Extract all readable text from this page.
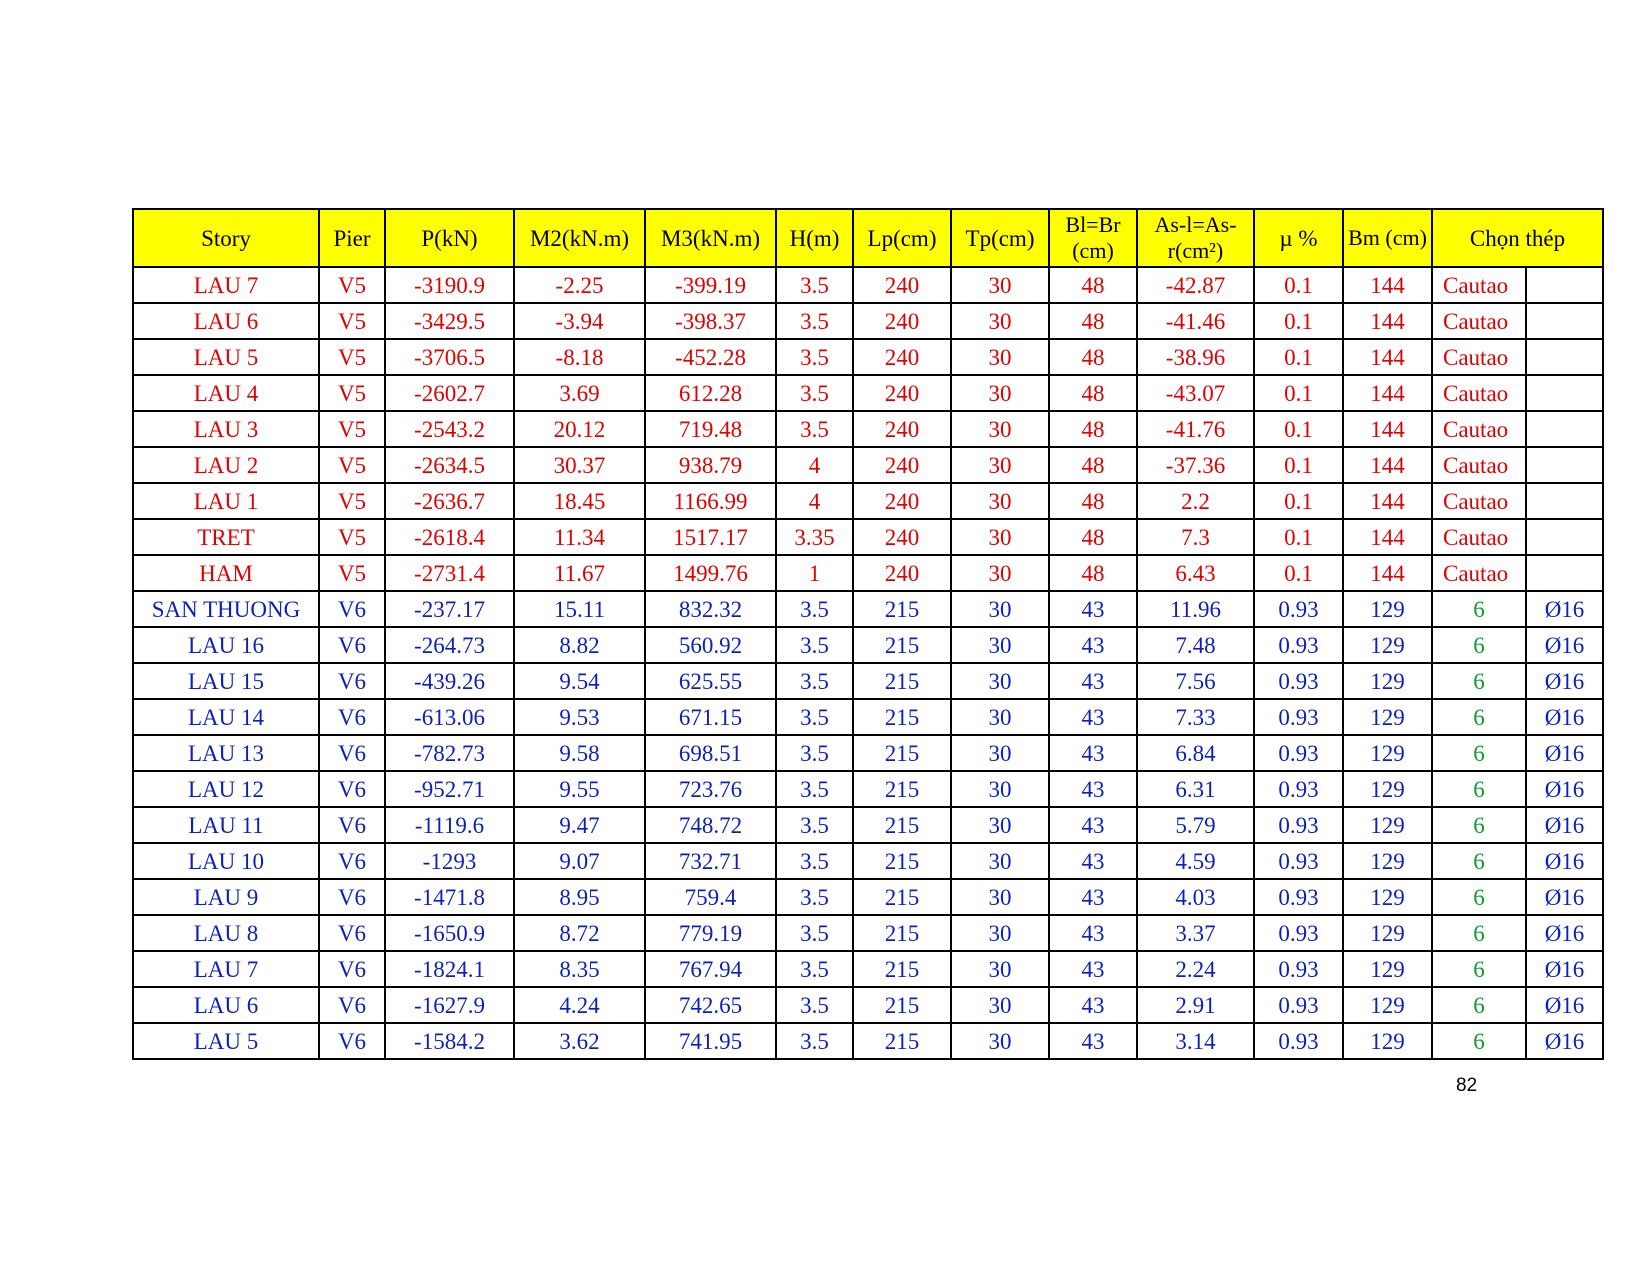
Story	Pier	P(kN)	M2(kN.m)	M3(kN.m)	H(m)	Lp(cm)	Tp(cm)	Bl=Br (cm)	As-l=As-r(cm²)	µ %	Bm (cm)	Chọn thép	
LAU 7	V5	-3190.9	-2.25	-399.19	3.5	240	30	48	-42.87	0.1	144	Cautao	
LAU 6	V5	-3429.5	-3.94	-398.37	3.5	240	30	48	-41.46	0.1	144	Cautao	
LAU 5	V5	-3706.5	-8.18	-452.28	3.5	240	30	48	-38.96	0.1	144	Cautao	
LAU 4	V5	-2602.7	3.69	612.28	3.5	240	30	48	-43.07	0.1	144	Cautao	
LAU 3	V5	-2543.2	20.12	719.48	3.5	240	30	48	-41.76	0.1	144	Cautao	
LAU 2	V5	-2634.5	30.37	938.79	4	240	30	48	-37.36	0.1	144	Cautao	
LAU 1	V5	-2636.7	18.45	1166.99	4	240	30	48	2.2	0.1	144	Cautao	
TRET	V5	-2618.4	11.34	1517.17	3.35	240	30	48	7.3	0.1	144	Cautao	
HAM	V5	-2731.4	11.67	1499.76	1	240	30	48	6.43	0.1	144	Cautao	
SAN THUONG	V6	-237.17	15.11	832.32	3.5	215	30	43	11.96	0.93	129	6	Ø16
LAU 16	V6	-264.73	8.82	560.92	3.5	215	30	43	7.48	0.93	129	6	Ø16
LAU 15	V6	-439.26	9.54	625.55	3.5	215	30	43	7.56	0.93	129	6	Ø16
LAU 14	V6	-613.06	9.53	671.15	3.5	215	30	43	7.33	0.93	129	6	Ø16
LAU 13	V6	-782.73	9.58	698.51	3.5	215	30	43	6.84	0.93	129	6	Ø16
LAU 12	V6	-952.71	9.55	723.76	3.5	215	30	43	6.31	0.93	129	6	Ø16
LAU 11	V6	-1119.6	9.47	748.72	3.5	215	30	43	5.79	0.93	129	6	Ø16
LAU 10	V6	-1293	9.07	732.71	3.5	215	30	43	4.59	0.93	129	6	Ø16
LAU 9	V6	-1471.8	8.95	759.4	3.5	215	30	43	4.03	0.93	129	6	Ø16
LAU 8	V6	-1650.9	8.72	779.19	3.5	215	30	43	3.37	0.93	129	6	Ø16
LAU 7	V6	-1824.1	8.35	767.94	3.5	215	30	43	2.24	0.93	129	6	Ø16
LAU 6	V6	-1627.9	4.24	742.65	3.5	215	30	43	2.91	0.93	129	6	Ø16
LAU 5	V6	-1584.2	3.62	741.95	3.5	215	30	43	3.14	0.93	129	6	Ø16
82
